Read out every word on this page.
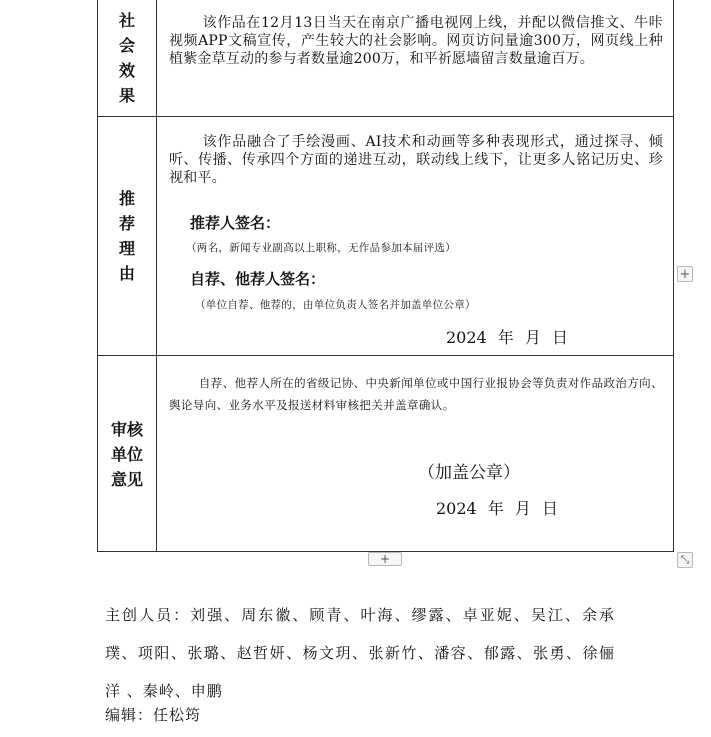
社
会
效
果
该作品在12月13日当天在南京广播电视网上线，并配以微信推文、牛咔视频APP文稿宣传，产生较大的社会影响。网页访问量逾300万，网页线上种植紫金草互动的参与者数量逾200万，和平祈愿墙留言数量逾百万。
推
荐
理
由
该作品融合了手绘漫画、AI技术和动画等多种表现形式，通过探寻、倾听、传播、传承四个方面的递进互动，联动线上线下，让更多人铭记历史、珍视和平。
推荐人签名：
（两名，新闻专业副高以上职称，无作品参加本届评选）
自荐、他荐人签名：
（单位自荐、他荐的，由单位负责人签名并加盖单位公章）
2024 年 月 日
审核
单位
意见
自荐、他荐人所在的省级记协、中央新闻单位或中国行业报协会等负责对作品政治方向、舆论导向、业务水平及报送材料审核把关并盖章确认。
（加盖公章）
2024 年 月 日
+
+	⤡
主创人员：刘强、周东徽、顾青、叶海、缪露、卓亚妮、吴江、余承璞、项阳、张璐、赵哲妍、杨文玥、张新竹、潘容、郁露、张勇、徐俪洋 、秦岭、申鹏
编辑：任松筠
